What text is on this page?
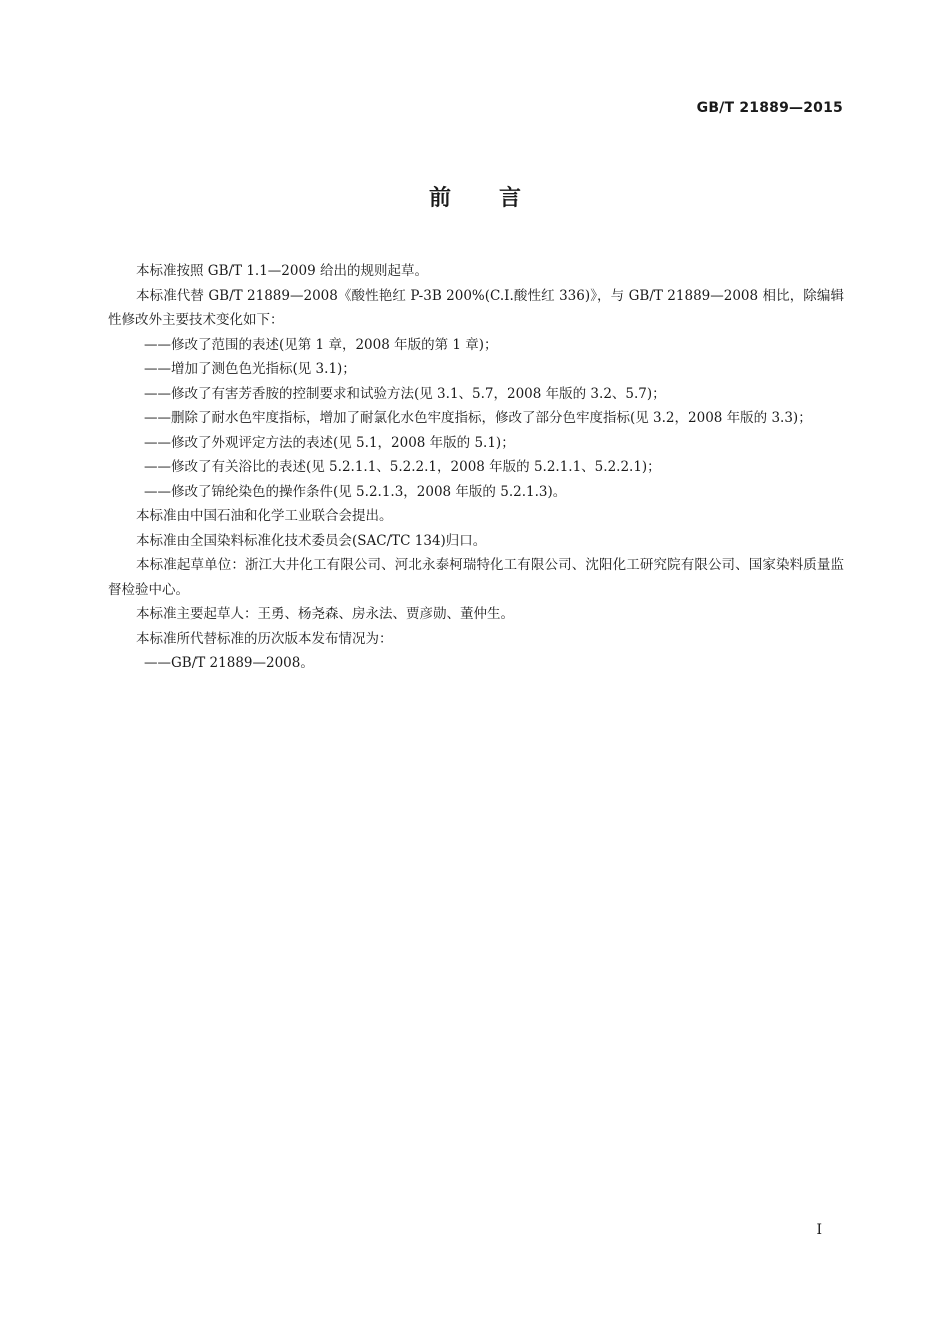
GB/T 21889—2015
前 言

本标准按照 GB/T 1.1—2009 给出的规则起草。

本标准代替 GB/T 21889—2008《酸性艳红 P-3B 200%(C.I.酸性红 336)》，与 GB/T 21889—2008 相比，除编辑性修改外主要技术变化如下：

——修改了范围的表述(见第 1 章，2008 年版的第 1 章)；

——增加了测色色光指标(见 3.1)；

——修改了有害芳香胺的控制要求和试验方法(见 3.1、5.7，2008 年版的 3.2、5.7)；

——删除了耐水色牢度指标，增加了耐氯化水色牢度指标，修改了部分色牢度指标(见 3.2，2008 年版的 3.3)；

——修改了外观评定方法的表述(见 5.1，2008 年版的 5.1)；

——修改了有关浴比的表述(见 5.2.1.1、5.2.2.1，2008 年版的 5.2.1.1、5.2.2.1)；

——修改了锦纶染色的操作条件(见 5.2.1.3，2008 年版的 5.2.1.3)。

本标准由中国石油和化学工业联合会提出。

本标准由全国染料标准化技术委员会(SAC/TC 134)归口。

本标准起草单位：浙江大井化工有限公司、河北永泰柯瑞特化工有限公司、沈阳化工研究院有限公司、国家染料质量监督检验中心。

本标准主要起草人：王勇、杨尧森、房永法、贾彦勋、董仲生。

本标准所代替标准的历次版本发布情况为：

——GB/T 21889—2008。

I
